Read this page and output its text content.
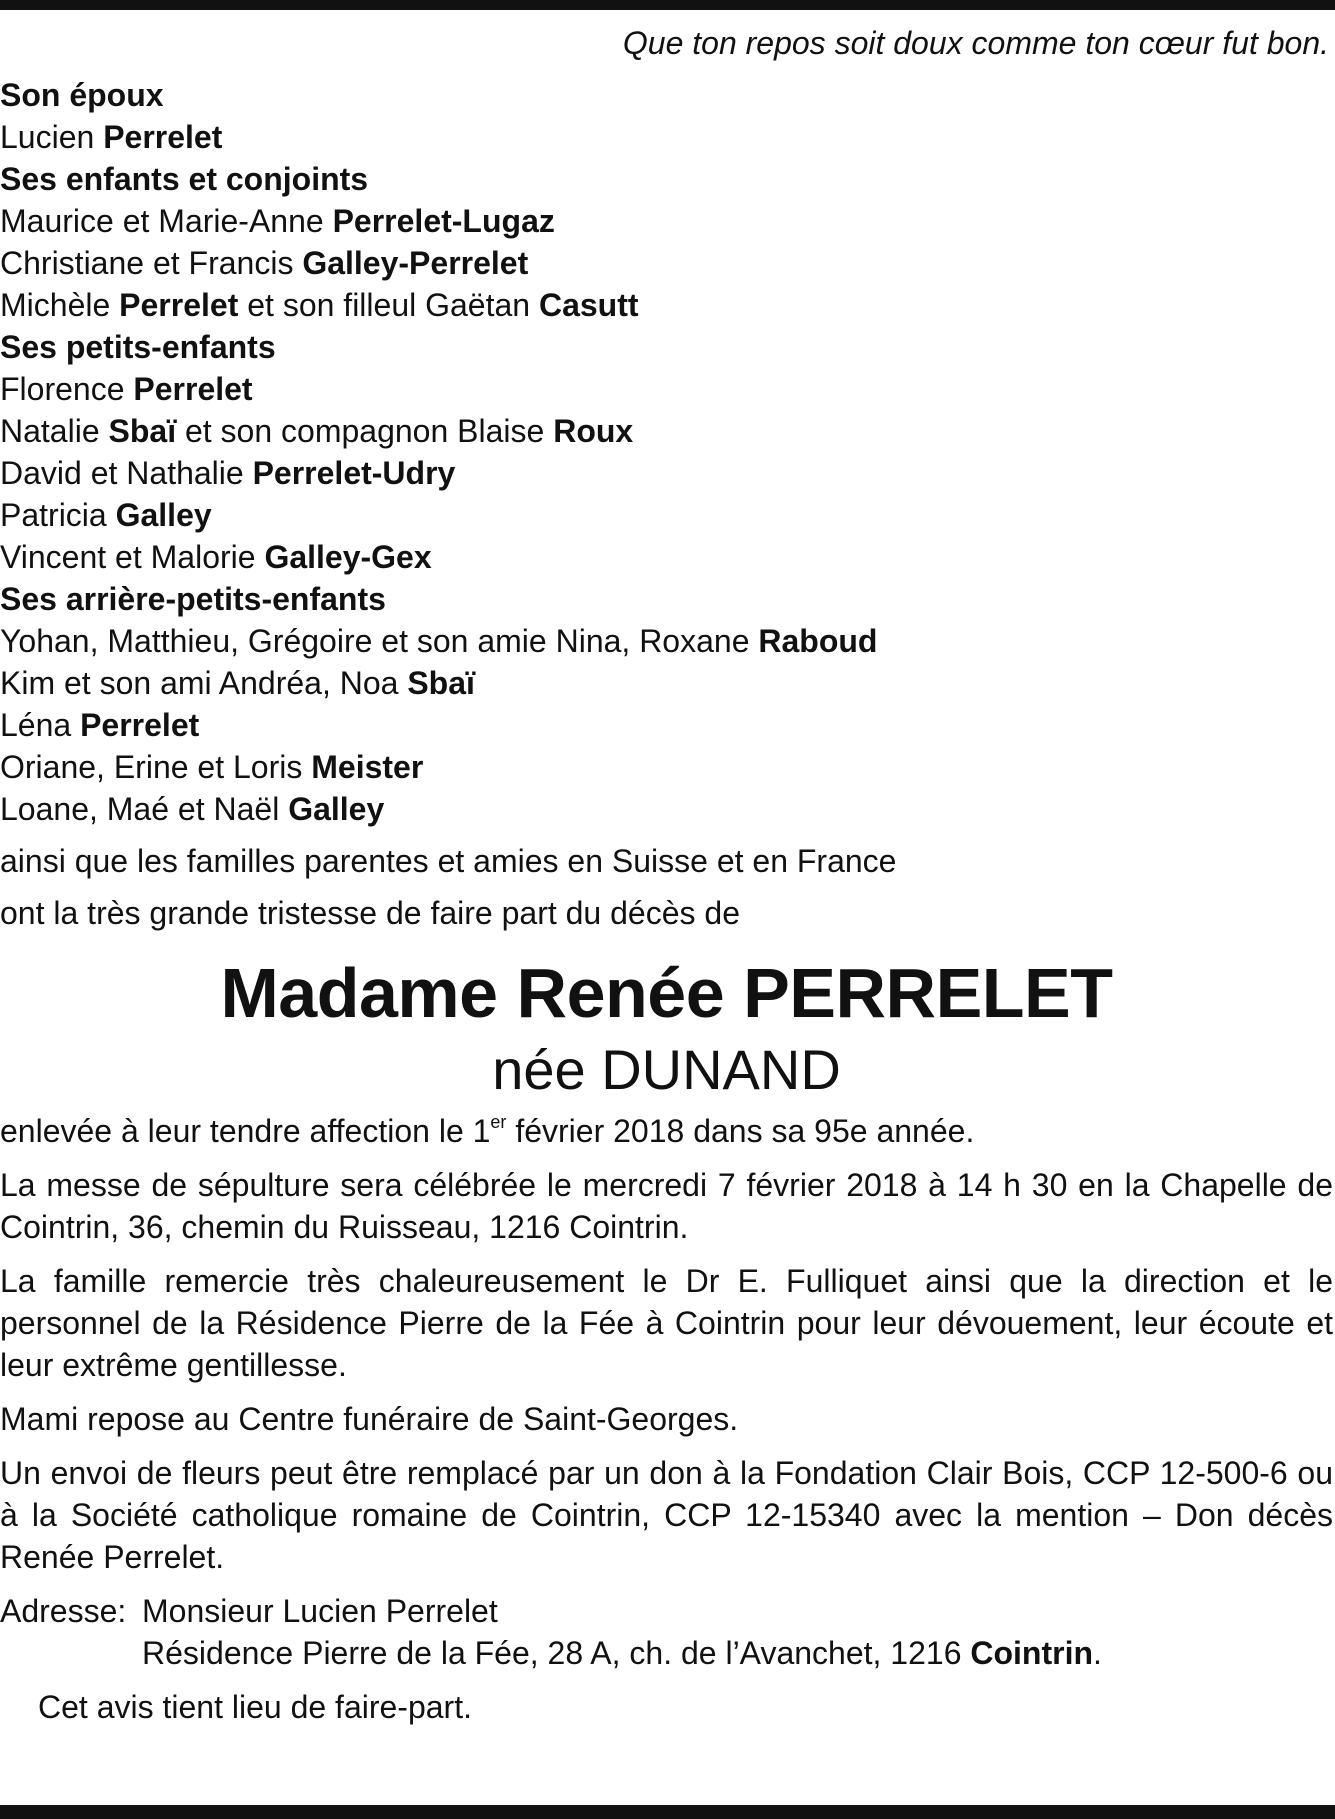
Que ton repos soit doux comme ton cœur fut bon.
Son époux
Lucien Perrelet
Ses enfants et conjoints
Maurice et Marie-Anne Perrelet-Lugaz
Christiane et Francis Galley-Perrelet
Michèle Perrelet et son filleul Gaëtan Casutt
Ses petits-enfants
Florence Perrelet
Natalie Sbaï et son compagnon Blaise Roux
David et Nathalie Perrelet-Udry
Patricia Galley
Vincent et Malorie Galley-Gex
Ses arrière-petits-enfants
Yohan, Matthieu, Grégoire et son amie Nina, Roxane Raboud
Kim et son ami Andréa, Noa Sbaï
Léna Perrelet
Oriane, Erine et Loris Meister
Loane, Maé et Naël Galley
ainsi que les familles parentes et amies en Suisse et en France
ont la très grande tristesse de faire part du décès de
Madame Renée PERRELET
née DUNAND
enlevée à leur tendre affection le 1er février 2018 dans sa 95e année.
La messe de sépulture sera célébrée le mercredi 7 février 2018 à 14 h 30 en la Chapelle de Cointrin, 36, chemin du Ruisseau, 1216 Cointrin.
La famille remercie très chaleureusement le Dr E. Fulliquet ainsi que la direction et le personnel de la Résidence Pierre de la Fée à Cointrin pour leur dévouement, leur écoute et leur extrême gentillesse.
Mami repose au Centre funéraire de Saint-Georges.
Un envoi de fleurs peut être remplacé par un don à la Fondation Clair Bois, CCP 12-500-6 ou à la Société catholique romaine de Cointrin, CCP 12-15340 avec la mention – Don décès Renée Perrelet.
Adresse: Monsieur Lucien Perrelet
Résidence Pierre de la Fée, 28 A, ch. de l’Avanchet, 1216 Cointrin.
Cet avis tient lieu de faire-part.
